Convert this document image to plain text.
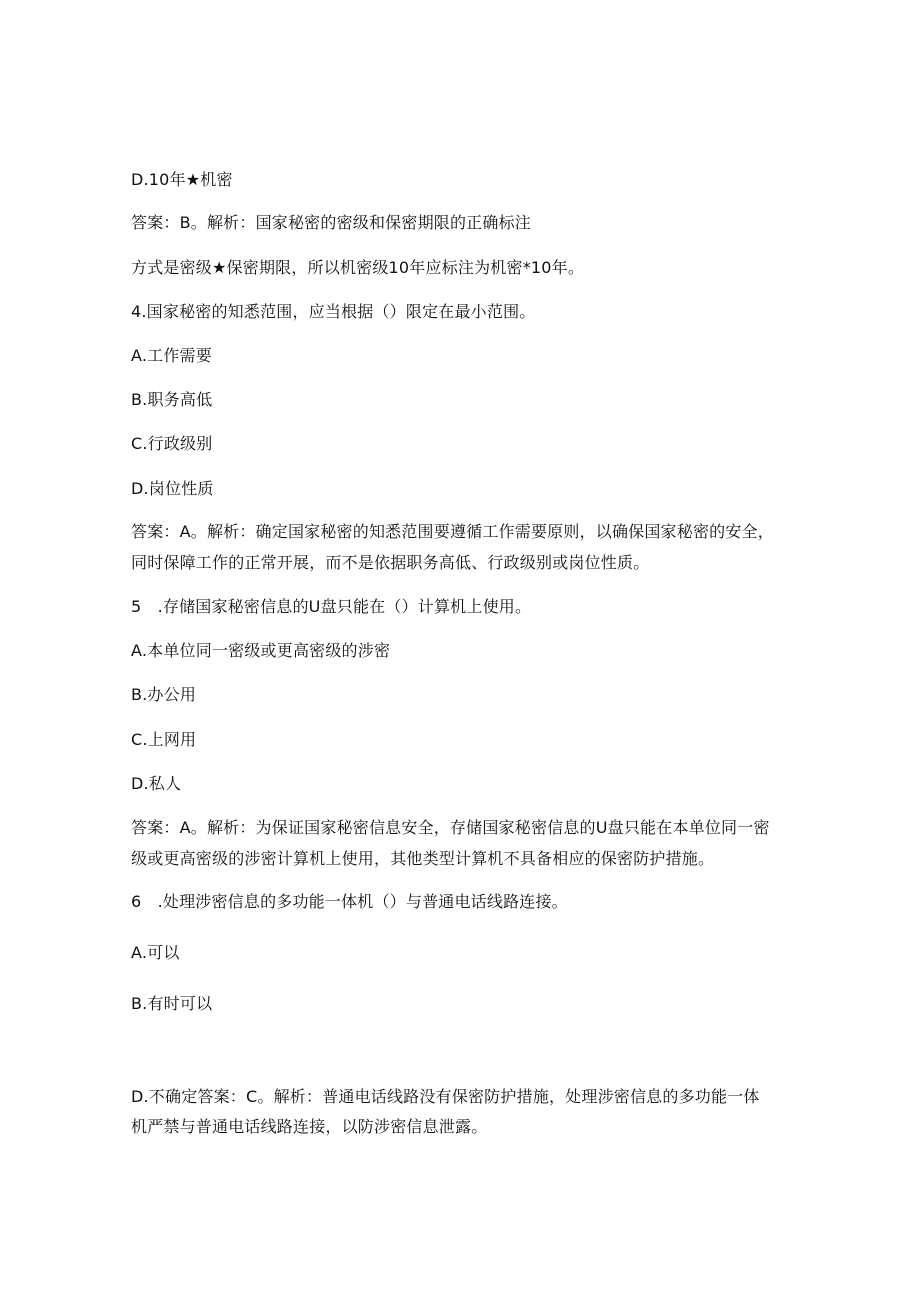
D.10年★机密
答案：B。解析：国家秘密的密级和保密期限的正确标注
方式是密级★保密期限，所以机密级10年应标注为机密*10年。
4.国家秘密的知悉范围，应当根据（）限定在最小范围。
A.工作需要
B.职务高低
C.行政级别
D.岗位性质
答案：A。解析：确定国家秘密的知悉范围要遵循工作需要原则，以确保国家秘密的安全，
同时保障工作的正常开展，而不是依据职务高低、行政级别或岗位性质。
5　.存储国家秘密信息的U盘只能在（）计算机上使用。
A.本单位同一密级或更高密级的涉密
B.办公用
C.上网用
D.私人
答案：A。解析：为保证国家秘密信息安全，存储国家秘密信息的U盘只能在本单位同一密
级或更高密级的涉密计算机上使用，其他类型计算机不具备相应的保密防护措施。
6　.处理涉密信息的多功能一体机（）与普通电话线路连接。
A.可以
B.有时可以
D.不确定答案：C。解析：普通电话线路没有保密防护措施，处理涉密信息的多功能一体
机严禁与普通电话线路连接，以防涉密信息泄露。
